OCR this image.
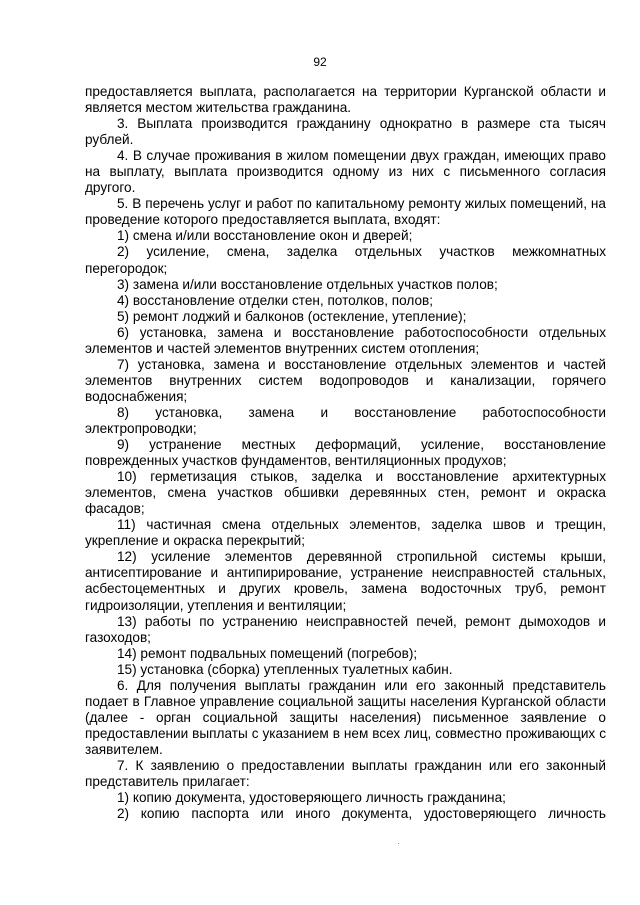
92

предоставляется выплата, располагается на территории Курганской области и является местом жительства гражданина.

3. Выплата производится гражданину однократно в размере ста тысяч рублей.

4. В случае проживания в жилом помещении двух граждан, имеющих право на выплату, выплата производится одному из них с письменного согласия другого.

5. В перечень услуг и работ по капитальному ремонту жилых помещений, на проведение которого предоставляется выплата, входят:

1) смена и/или восстановление окон и дверей;

2) усиление, смена, заделка отдельных участков межкомнатных перегородок;

3) замена и/или восстановление отдельных участков полов;

4) восстановление отделки стен, потолков, полов;

5) ремонт лоджий и балконов (остекление, утепление);

6) установка, замена и восстановление работоспособности отдельных элементов и частей элементов внутренних систем отопления;

7) установка, замена и восстановление отдельных элементов и частей элементов внутренних систем водопроводов и канализации, горячего водоснабжения;

8) установка, замена и восстановление работоспособности электропроводки;

9) устранение местных деформаций, усиление, восстановление поврежденных участков фундаментов, вентиляционных продухов;

10) герметизация стыков, заделка и восстановление архитектурных элементов, смена участков обшивки деревянных стен, ремонт и окраска фасадов;

11) частичная смена отдельных элементов, заделка швов и трещин, укрепление и окраска перекрытий;

12) усиление элементов деревянной стропильной системы крыши, антисептирование и антипирирование, устранение неисправностей стальных, асбестоцементных и других кровель, замена водосточных труб, ремонт гидроизоляции, утепления и вентиляции;

13) работы по устранению неисправностей печей, ремонт дымоходов и газоходов;

14) ремонт подвальных помещений (погребов);

15) установка (сборка) утепленных туалетных кабин.

6. Для получения выплаты гражданин или его законный представитель подает в Главное управление социальной защиты населения Курганской области (далее - орган социальной защиты населения) письменное заявление о предоставлении выплаты с указанием в нем всех лиц, совместно проживающих с заявителем.

7. К заявлению о предоставлении выплаты гражданин или его законный представитель прилагает:

1) копию документа, удостоверяющего личность гражданина;

2) копию паспорта или иного документа, удостоверяющего личность
